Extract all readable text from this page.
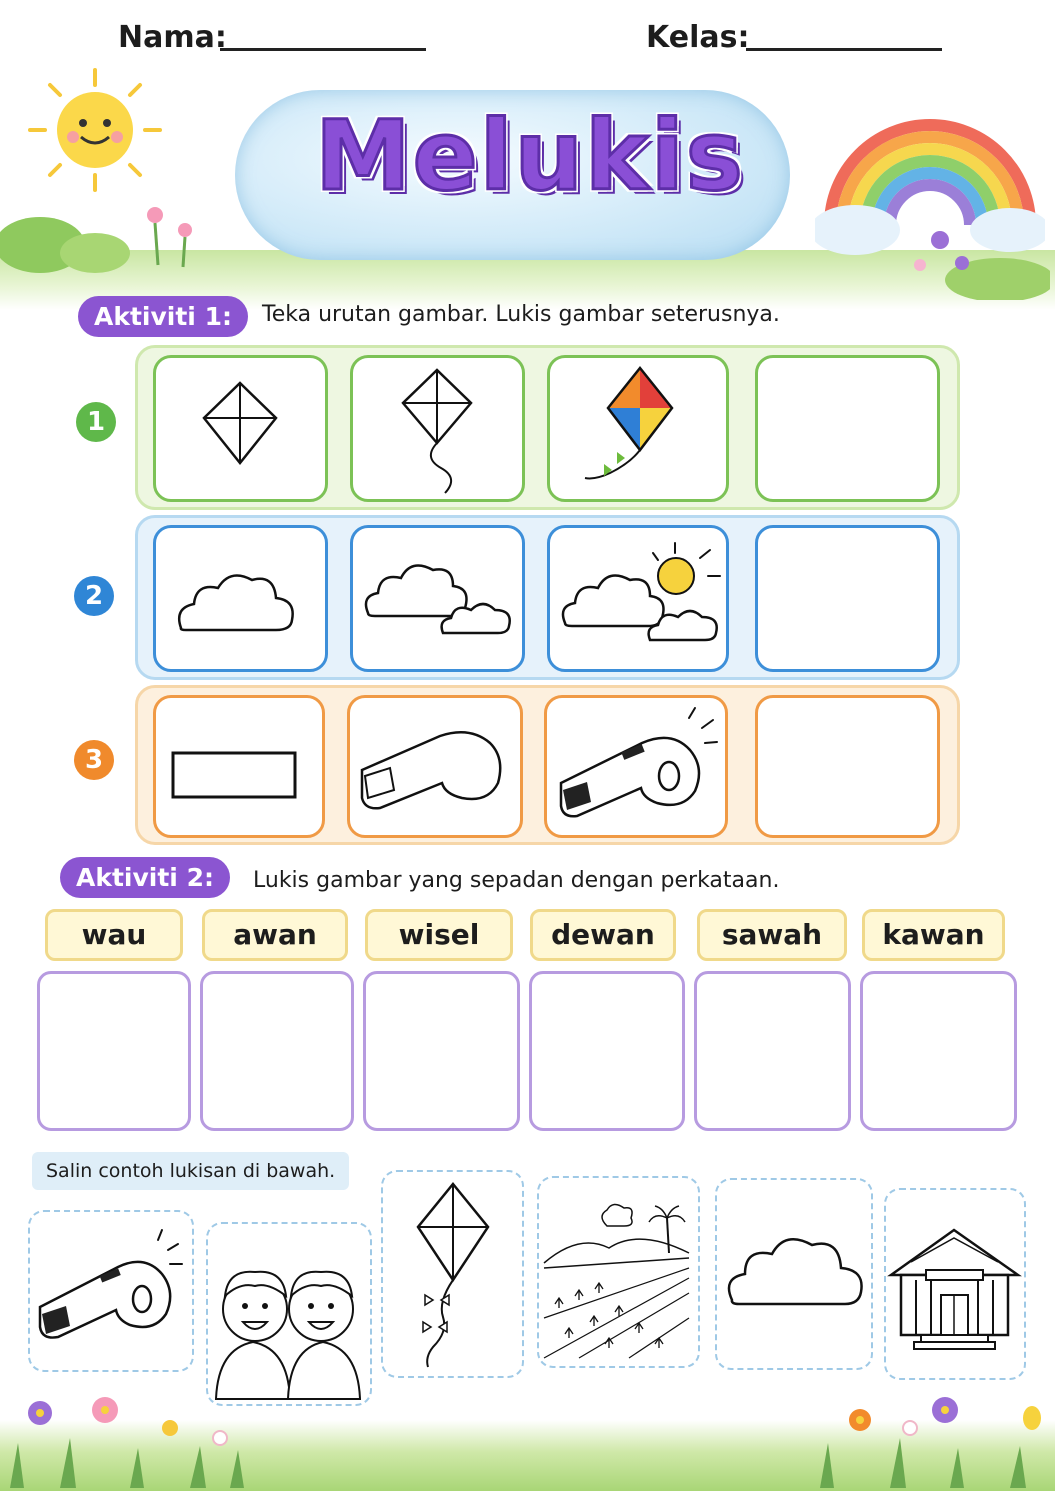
Nama:	Kelas:
Melukis
Aktiviti 1:	Teka urutan gambar. Lukis gambar seterusnya.
1
2
3
Aktiviti 2:	Lukis gambar yang sepadan dengan perkataan.
wau	awan	wisel	dewan	sawah	kawan
Salin contoh lukisan di bawah.
